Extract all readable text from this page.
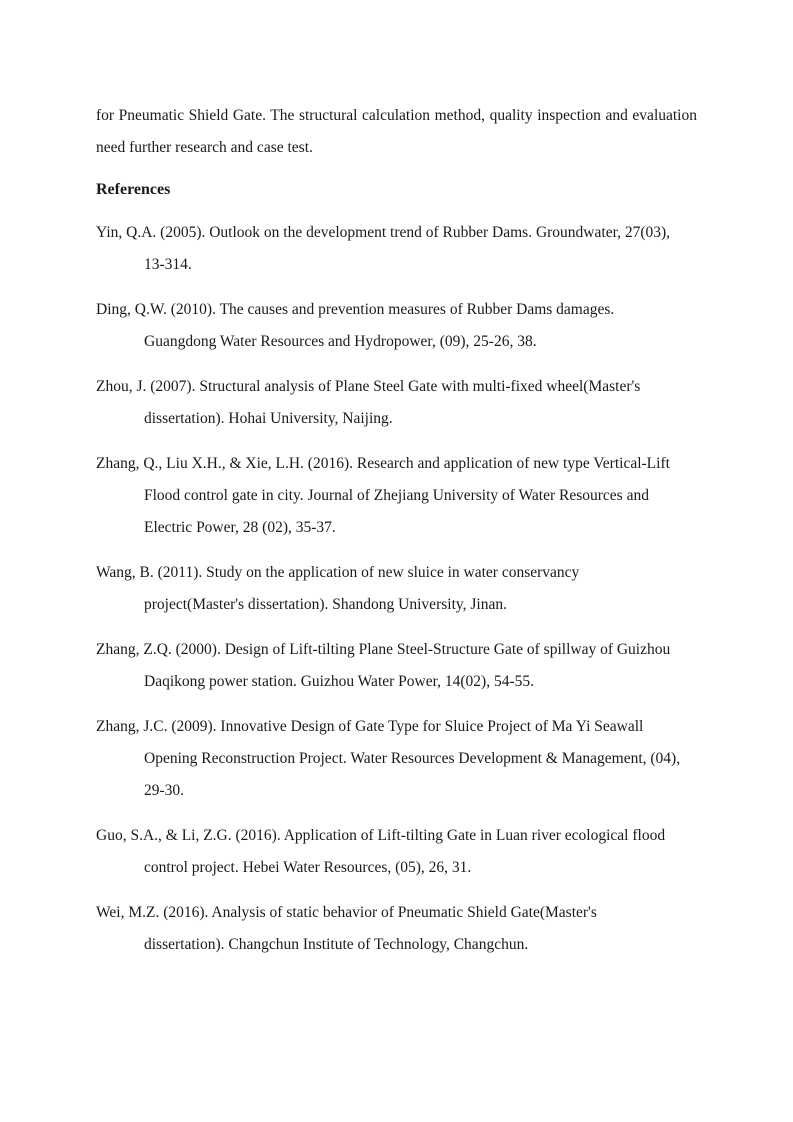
for Pneumatic Shield Gate. The structural calculation method, quality inspection and evaluation need further research and case test.

References
Yin, Q.A. (2005). Outlook on the development trend of Rubber Dams. Groundwater, 27(03),
13-314.
Ding, Q.W. (2010). The causes and prevention measures of Rubber Dams damages.
Guangdong Water Resources and Hydropower, (09), 25-26, 38.
Zhou, J. (2007). Structural analysis of Plane Steel Gate with multi-fixed wheel(Master's
dissertation). Hohai University, Naijing.
Zhang, Q., Liu X.H., & Xie, L.H. (2016). Research and application of new type Vertical-Lift
Flood control gate in city. Journal of Zhejiang University of Water Resources and
Electric Power, 28 (02), 35-37.
Wang, B. (2011). Study on the application of new sluice in water conservancy
project(Master's dissertation). Shandong University, Jinan.
Zhang, Z.Q. (2000). Design of Lift-tilting Plane Steel-Structure Gate of spillway of Guizhou
Daqikong power station. Guizhou Water Power, 14(02), 54-55.
Zhang, J.C. (2009). Innovative Design of Gate Type for Sluice Project of Ma Yi Seawall
Opening Reconstruction Project. Water Resources Development & Management, (04),
29-30.
Guo, S.A., & Li, Z.G. (2016). Application of Lift-tilting Gate in Luan river ecological flood
control project. Hebei Water Resources, (05), 26, 31.
Wei, M.Z. (2016). Analysis of static behavior of Pneumatic Shield Gate(Master's
dissertation). Changchun Institute of Technology, Changchun.
